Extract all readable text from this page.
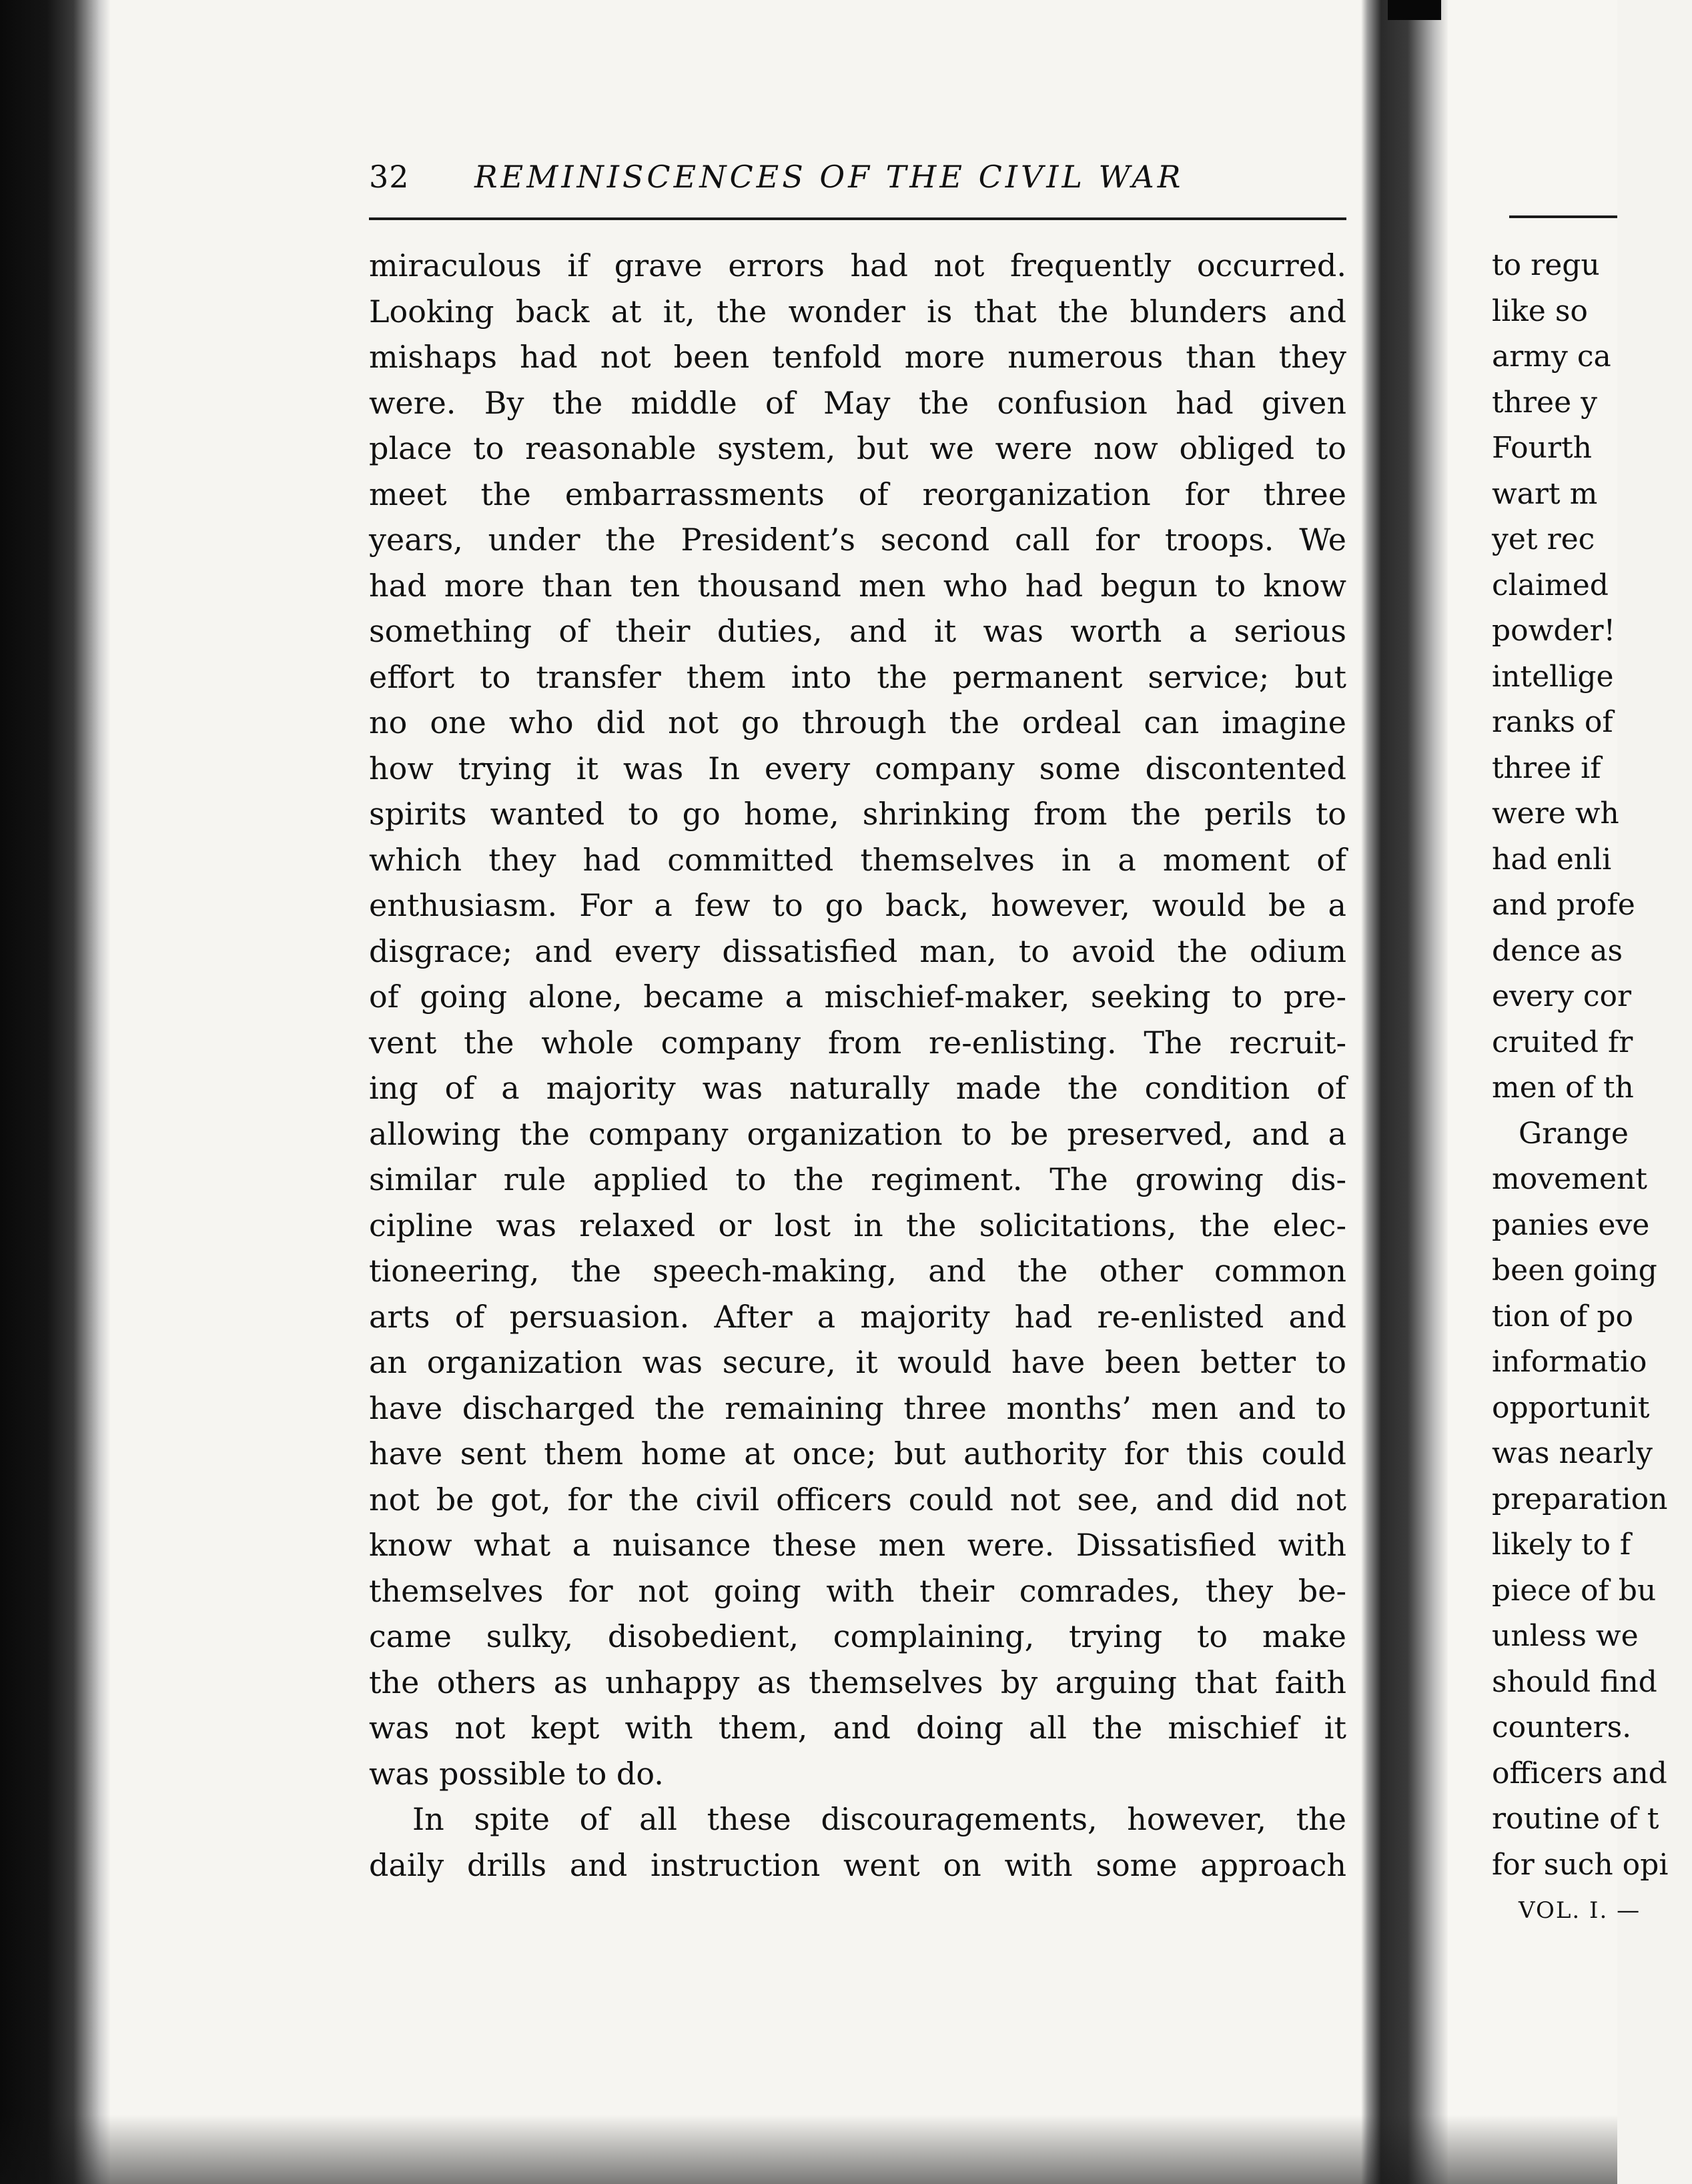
32 REMINISCENCES OF THE CIVIL WAR
miraculous if grave errors had not frequently occurred.
Looking back at it, the wonder is that the blunders and
mishaps had not been tenfold more numerous than they
were. By the middle of May the confusion had given
place to reasonable system, but we were now obliged to
meet the embarrassments of reorganization for three
years, under the President’s second call for troops. We
had more than ten thousand men who had begun to know
something of their duties, and it was worth a serious
effort to transfer them into the permanent service; but
no one who did not go through the ordeal can imagine
how trying it was In every company some discontented
spirits wanted to go home, shrinking from the perils to
which they had committed themselves in a moment of
enthusiasm. For a few to go back, however, would be a
disgrace; and every dissatisfied man, to avoid the odium
of going alone, became a mischief-maker, seeking to pre-
vent the whole company from re-enlisting. The recruit-
ing of a majority was naturally made the condition of
allowing the company organization to be preserved, and a
similar rule applied to the regiment. The growing dis-
cipline was relaxed or lost in the solicitations, the elec-
tioneering, the speech-making, and the other common
arts of persuasion. After a majority had re-enlisted and
an organization was secure, it would have been better to
have discharged the remaining three months’ men and to
have sent them home at once; but authority for this could
not be got, for the civil officers could not see, and did not
know what a nuisance these men were. Dissatisfied with
themselves for not going with their comrades, they be-
came sulky, disobedient, complaining, trying to make
the others as unhappy as themselves by arguing that faith
was not kept with them, and doing all the mischief it
was possible to do.
In spite of all these discouragements, however, the
daily drills and instruction went on with some approach
to regu
like so
army ca
three y
Fourth
wart m
yet rec
claimed
powder!
intellige
ranks of
three if
were wh
had enli
and profe
dence as
every cor
cruited fr
men of th
Grange
movement
panies eve
been going
tion of po
informatio
opportunit
was nearly
preparation
likely to f
piece of bu
unless we
should find
counters.
officers and
routine of t
for such opi
VOL. I. —
